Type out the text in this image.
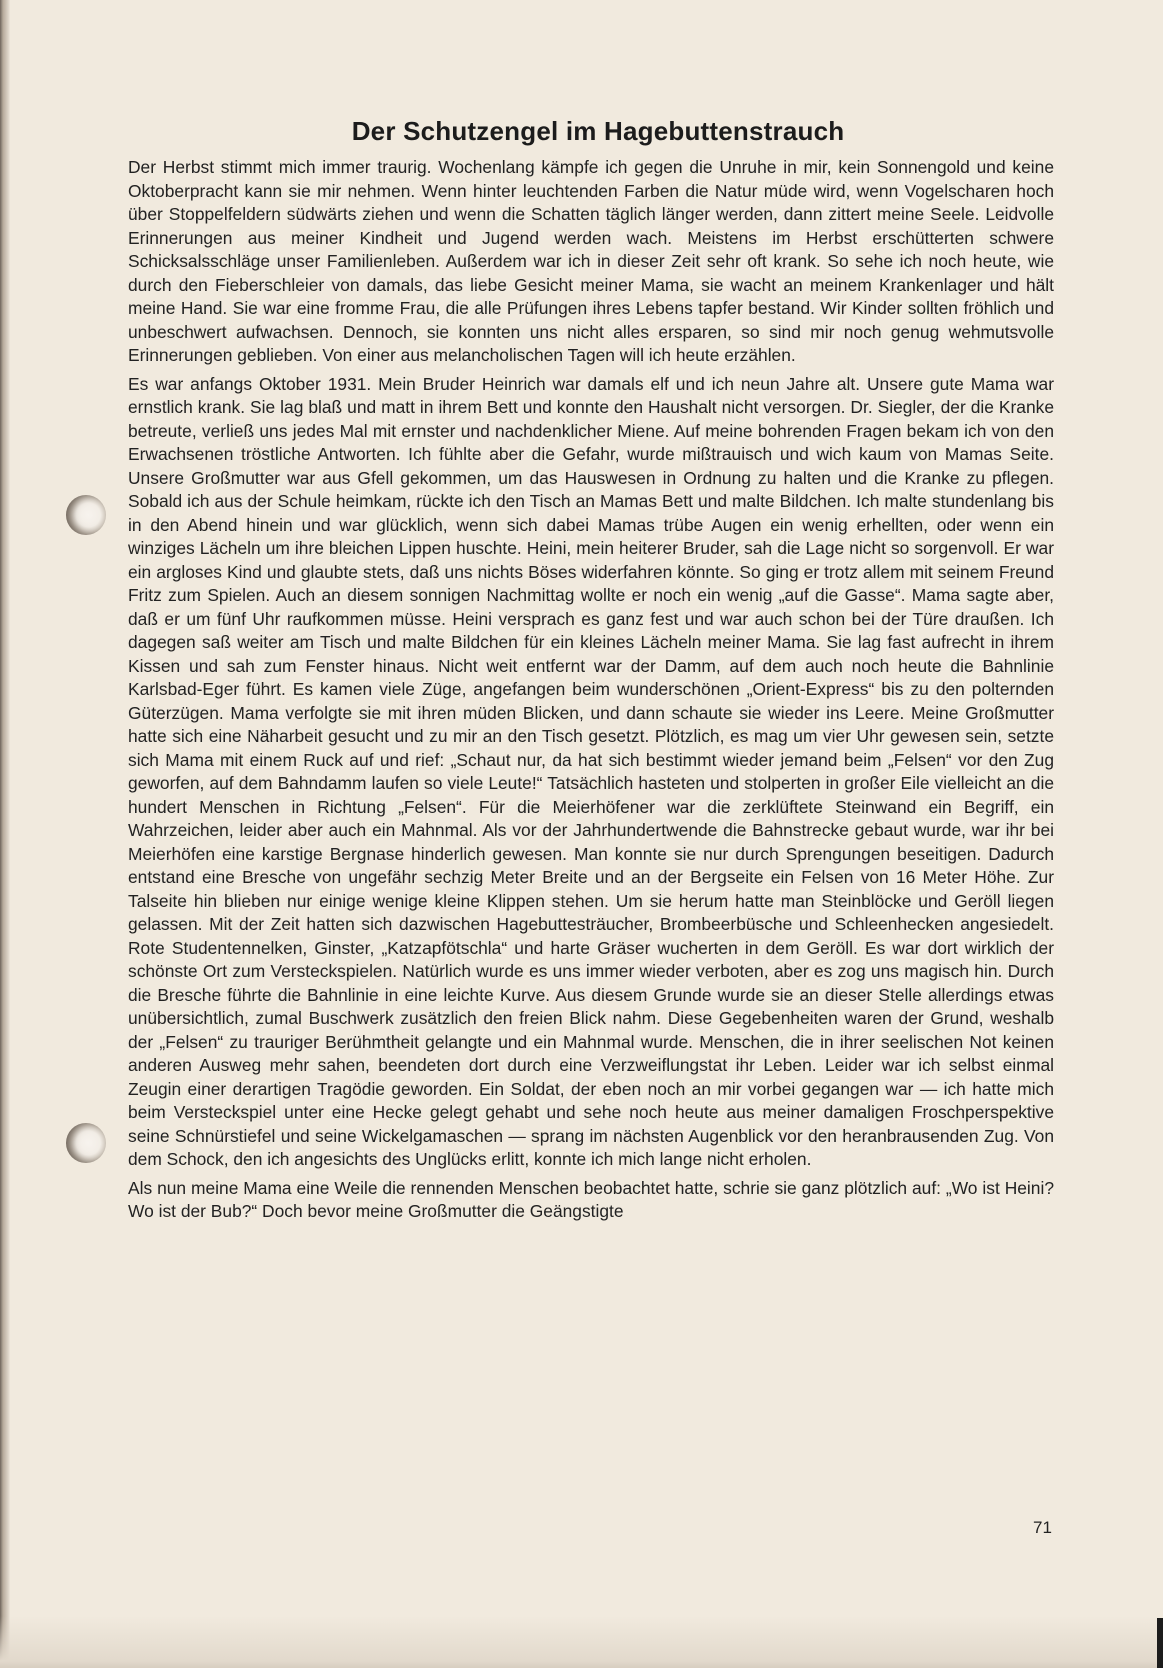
Der Schutzengel im Hagebuttenstrauch

Der Herbst stimmt mich immer traurig. Wochenlang kämpfe ich gegen die Unruhe in mir, kein Sonnengold und keine Oktoberpracht kann sie mir nehmen. Wenn hinter leuchtenden Farben die Natur müde wird, wenn Vogelscharen hoch über Stoppelfeldern südwärts ziehen und wenn die Schatten täglich länger werden, dann zittert meine Seele. Leidvolle Erinnerungen aus meiner Kindheit und Jugend werden wach. Meistens im Herbst erschütterten schwere Schicksalsschläge unser Familienleben. Außerdem war ich in dieser Zeit sehr oft krank. So sehe ich noch heute, wie durch den Fieberschleier von damals, das liebe Gesicht meiner Mama, sie wacht an meinem Krankenlager und hält meine Hand. Sie war eine fromme Frau, die alle Prüfungen ihres Lebens tapfer bestand. Wir Kinder sollten fröhlich und unbeschwert aufwachsen. Dennoch, sie konnten uns nicht alles ersparen, so sind mir noch genug wehmutsvolle Erinnerungen geblieben. Von einer aus melancholischen Tagen will ich heute erzählen.

Es war anfangs Oktober 1931. Mein Bruder Heinrich war damals elf und ich neun Jahre alt. Unsere gute Mama war ernstlich krank. Sie lag blaß und matt in ihrem Bett und konnte den Haushalt nicht versorgen. Dr. Siegler, der die Kranke betreute, verließ uns jedes Mal mit ernster und nachdenklicher Miene. Auf meine bohrenden Fragen bekam ich von den Erwachsenen tröstliche Antworten. Ich fühlte aber die Gefahr, wurde mißtrauisch und wich kaum von Mamas Seite. Unsere Großmutter war aus Gfell gekommen, um das Hauswesen in Ordnung zu halten und die Kranke zu pflegen. Sobald ich aus der Schule heimkam, rückte ich den Tisch an Mamas Bett und malte Bildchen. Ich malte stundenlang bis in den Abend hinein und war glücklich, wenn sich dabei Mamas trübe Augen ein wenig erhellten, oder wenn ein winziges Lächeln um ihre bleichen Lippen huschte. Heini, mein heiterer Bruder, sah die Lage nicht so sorgenvoll. Er war ein argloses Kind und glaubte stets, daß uns nichts Böses widerfahren könnte. So ging er trotz allem mit seinem Freund Fritz zum Spielen. Auch an diesem sonnigen Nachmittag wollte er noch ein wenig „auf die Gasse“. Mama sagte aber, daß er um fünf Uhr raufkommen müsse. Heini versprach es ganz fest und war auch schon bei der Türe draußen. Ich dagegen saß weiter am Tisch und malte Bildchen für ein kleines Lächeln meiner Mama. Sie lag fast aufrecht in ihrem Kissen und sah zum Fenster hinaus. Nicht weit entfernt war der Damm, auf dem auch noch heute die Bahnlinie Karlsbad-Eger führt. Es kamen viele Züge, angefangen beim wunderschönen „Orient-Express“ bis zu den polternden Güterzügen. Mama verfolgte sie mit ihren müden Blicken, und dann schaute sie wieder ins Leere. Meine Großmutter hatte sich eine Näharbeit gesucht und zu mir an den Tisch gesetzt. Plötzlich, es mag um vier Uhr gewesen sein, setzte sich Mama mit einem Ruck auf und rief: „Schaut nur, da hat sich bestimmt wieder jemand beim „Felsen“ vor den Zug geworfen, auf dem Bahndamm laufen so viele Leute!“ Tatsächlich hasteten und stolperten in großer Eile vielleicht an die hundert Menschen in Richtung „Felsen“. Für die Meierhöfener war die zerklüftete Steinwand ein Begriff, ein Wahrzeichen, leider aber auch ein Mahnmal. Als vor der Jahrhundertwende die Bahnstrecke gebaut wurde, war ihr bei Meierhöfen eine karstige Bergnase hinderlich gewesen. Man konnte sie nur durch Sprengungen beseitigen. Dadurch entstand eine Bresche von ungefähr sechzig Meter Breite und an der Bergseite ein Felsen von 16 Meter Höhe. Zur Talseite hin blieben nur einige wenige kleine Klippen stehen. Um sie herum hatte man Steinblöcke und Geröll liegen gelassen. Mit der Zeit hatten sich dazwischen Hagebuttesträucher, Brombeerbüsche und Schleenhecken angesiedelt. Rote Studentennelken, Ginster, „Katzapfötschla“ und harte Gräser wucherten in dem Geröll. Es war dort wirklich der schönste Ort zum Versteckspielen. Natürlich wurde es uns immer wieder verboten, aber es zog uns magisch hin. Durch die Bresche führte die Bahnlinie in eine leichte Kurve. Aus diesem Grunde wurde sie an dieser Stelle allerdings etwas unübersichtlich, zumal Buschwerk zusätzlich den freien Blick nahm. Diese Gegebenheiten waren der Grund, weshalb der „Felsen“ zu trauriger Berühmtheit gelangte und ein Mahnmal wurde. Menschen, die in ihrer seelischen Not keinen anderen Ausweg mehr sahen, beendeten dort durch eine Verzweiflungstat ihr Leben. Leider war ich selbst einmal Zeugin einer derartigen Tragödie geworden. Ein Soldat, der eben noch an mir vorbei gegangen war — ich hatte mich beim Versteckspiel unter eine Hecke gelegt gehabt und sehe noch heute aus meiner damaligen Froschperspektive seine Schnürstiefel und seine Wickelgamaschen — sprang im nächsten Augenblick vor den heranbrausenden Zug. Von dem Schock, den ich angesichts des Unglücks erlitt, konnte ich mich lange nicht erholen.

Als nun meine Mama eine Weile die rennenden Menschen beobachtet hatte, schrie sie ganz plötzlich auf: „Wo ist Heini? Wo ist der Bub?“ Doch bevor meine Großmutter die Geängstigte

71
